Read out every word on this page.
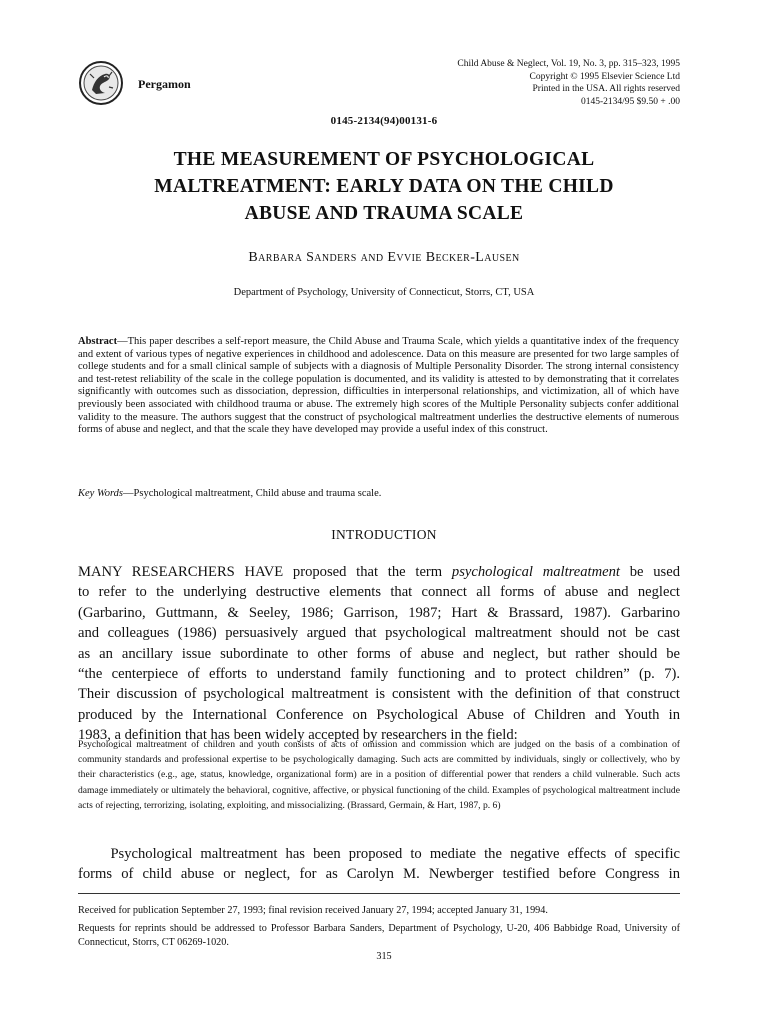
Pergamon
Child Abuse & Neglect, Vol. 19, No. 3, pp. 315–323, 1995
Copyright © 1995 Elsevier Science Ltd
Printed in the USA. All rights reserved
0145-2134/95 $9.50 + .00
0145-2134(94)00131-6
THE MEASUREMENT OF PSYCHOLOGICAL
MALTREATMENT: EARLY DATA ON THE CHILD
ABUSE AND TRAUMA SCALE
Barbara Sanders and Evvie Becker-Lausen
Department of Psychology, University of Connecticut, Storrs, CT, USA
Abstract—This paper describes a self-report measure, the Child Abuse and Trauma Scale, which yields a quantitative index of the frequency and extent of various types of negative experiences in childhood and adolescence. Data on this measure are presented for two large samples of college students and for a small clinical sample of subjects with a diagnosis of Multiple Personality Disorder. The strong internal consistency and test-retest reliability of the scale in the college population is documented, and its validity is attested to by demonstrating that it correlates significantly with outcomes such as dissociation, depression, difficulties in interpersonal relationships, and victimization, all of which have previously been associated with childhood trauma or abuse. The extremely high scores of the Multiple Personality subjects confer additional validity to the measure. The authors suggest that the construct of psychological maltreatment underlies the destructive elements of numerous forms of abuse and neglect, and that the scale they have developed may provide a useful index of this construct.
Key Words—Psychological maltreatment, Child abuse and trauma scale.
INTRODUCTION
MANY RESEARCHERS HAVE proposed that the term psychological maltreatment be used
to refer to the underlying destructive elements that connect all forms of abuse and neglect
(Garbarino, Guttmann, & Seeley, 1986; Garrison, 1987; Hart & Brassard, 1987). Garbarino
and colleagues (1986) persuasively argued that psychological maltreatment should not be cast
as an ancillary issue subordinate to other forms of abuse and neglect, but rather should be
“the centerpiece of efforts to understand family functioning and to protect children” (p. 7).
Their discussion of psychological maltreatment is consistent with the definition of that construct
produced by the International Conference on Psychological Abuse of Children and Youth in
1983, a definition that has been widely accepted by researchers in the field:
Psychological maltreatment of children and youth consists of acts of omission and commission which are judged on the basis of a combination of community standards and professional expertise to be psychologically damaging. Such acts are committed by individuals, singly or collectively, who by their characteristics (e.g., age, status, knowledge, organizational form) are in a position of differential power that renders a child vulnerable. Such acts damage immediately or ultimately the behavioral, cognitive, affective, or physical functioning of the child. Examples of psychological maltreatment include acts of rejecting, terrorizing, isolating, exploiting, and missocializing. (Brassard, Germain, & Hart, 1987, p. 6)
Psychological maltreatment has been proposed to mediate the negative effects of specific
forms of child abuse or neglect, for as Carolyn M. Newberger testified before Congress in
Received for publication September 27, 1993; final revision received January 27, 1994; accepted January 31, 1994.
Requests for reprints should be addressed to Professor Barbara Sanders, Department of Psychology, U-20, 406 Babbidge Road, University of Connecticut, Storrs, CT 06269-1020.
315
